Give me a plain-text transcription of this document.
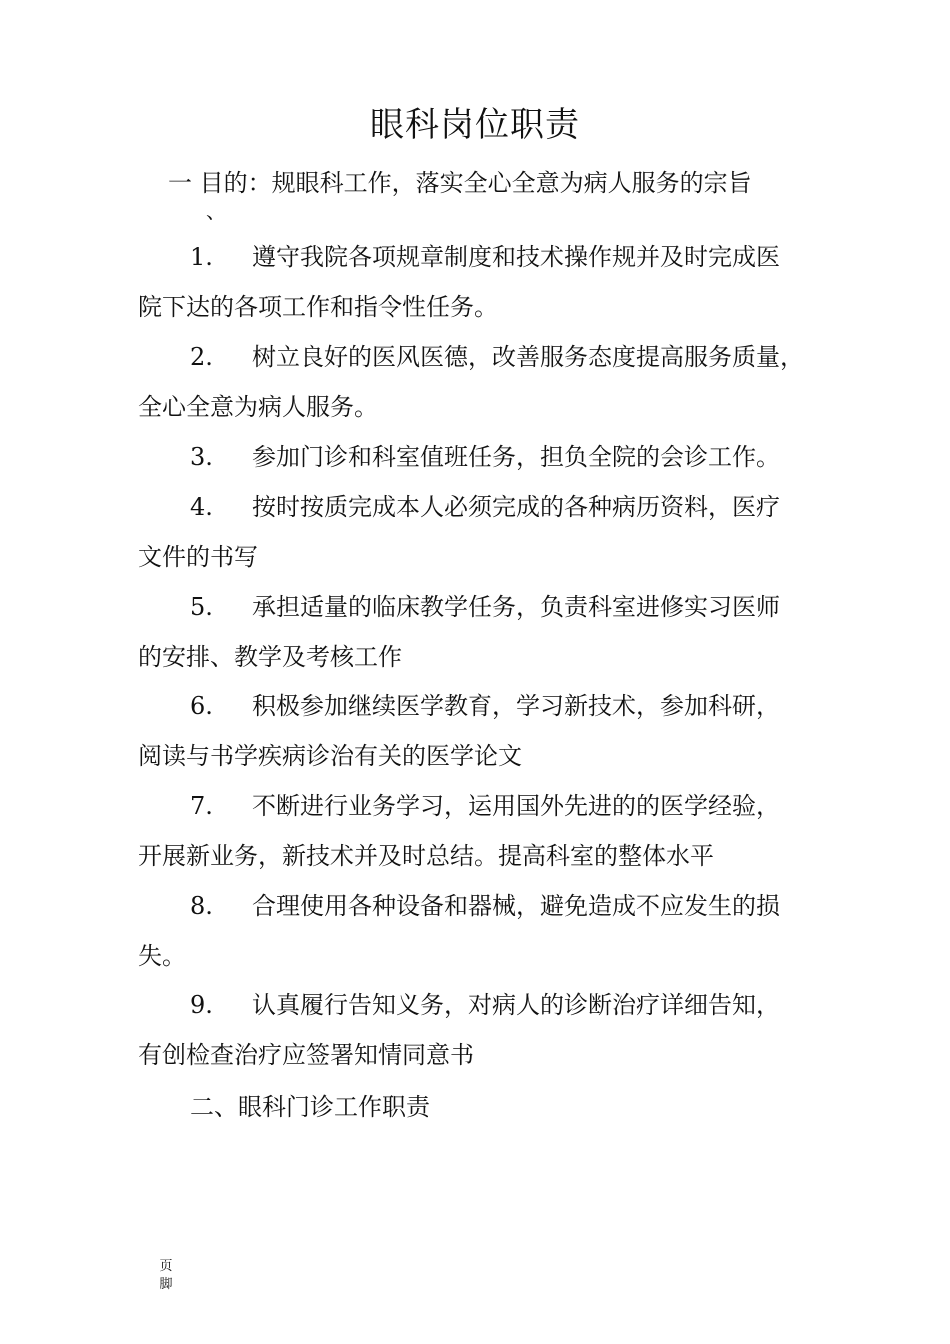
眼科岗位职责
一 目的：规眼科工作，落实全心全意为病人服务的宗旨
、
1. 遵守我院各项规章制度和技术操作规并及时完成医
院下达的各项工作和指令性任务。
2. 树立良好的医风医德，改善服务态度提高服务质量，
全心全意为病人服务。
3. 参加门诊和科室值班任务，担负全院的会诊工作。
4. 按时按质完成本人必须完成的各种病历资料，医疗
文件的书写
5. 承担适量的临床教学任务，负责科室进修实习医师
的安排、教学及考核工作
6. 积极参加继续医学教育，学习新技术，参加科研，
阅读与书学疾病诊治有关的医学论文
7. 不断进行业务学习，运用国外先进的的医学经验，
开展新业务，新技术并及时总结。提高科室的整体水平
8. 合理使用各种设备和器械，避免造成不应发生的损
失。
9. 认真履行告知义务，对病人的诊断治疗详细告知，
有创检查治疗应签署知情同意书
二、眼科门诊工作职责
页
脚
